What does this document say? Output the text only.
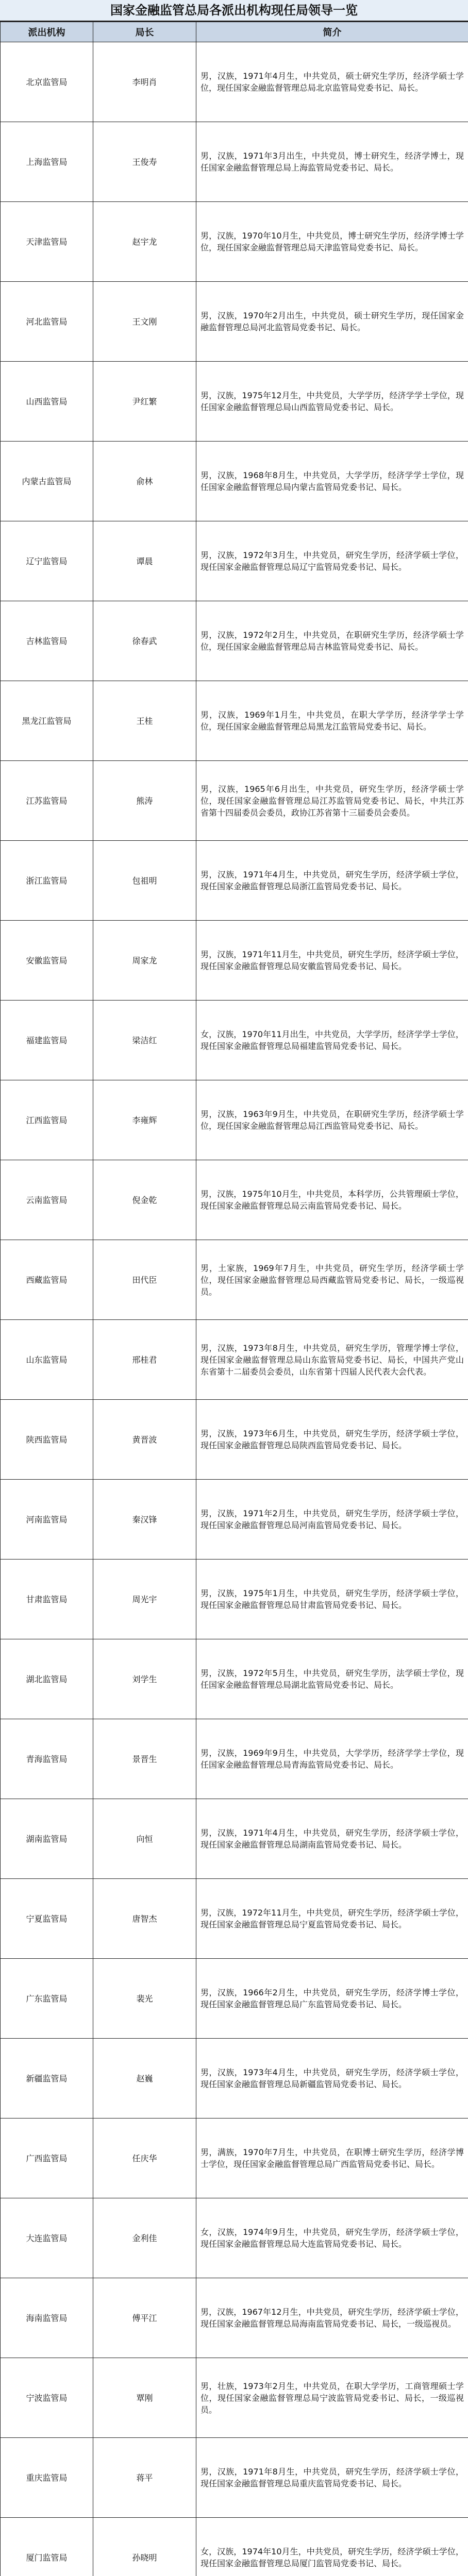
国家金融监管总局各派出机构现任局领导一览
派出机构	局长	简介
北京监管局	李明肖	男，汉族，1971年4月生，中共党员，硕士研究生学历，经济学硕士学位，现任国家金融监督管理总局北京监管局党委书记、局长。
上海监管局	王俊寿	男，汉族，1971年3月出生，中共党员，博士研究生，经济学博士，现任国家金融监督管理总局上海监管局党委书记、局长。
天津监管局	赵宇龙	男，汉族，1970年10月生，中共党员，博士研究生学历，经济学博士学位，现任国家金融监督管理总局天津监管局党委书记、局长。
河北监管局	王文刚	男，汉族，1970年2月出生，中共党员，硕士研究生学历，现任国家金融监督管理总局河北监管局党委书记、局长。
山西监管局	尹红繁	男，汉族，1975年12月生，中共党员，大学学历，经济学学士学位，现任国家金融监督管理总局山西监管局党委书记、局长。
内蒙古监管局	俞林	男，汉族，1968年8月生，中共党员，大学学历，经济学学士学位，现任国家金融监督管理总局内蒙古监管局党委书记、局长。
辽宁监管局	谭晨	男，汉族，1972年3月生，中共党员，研究生学历，经济学硕士学位，现任国家金融监督管理总局辽宁监管局党委书记、局长。
吉林监管局	徐春武	男，汉族，1972年2月生，中共党员，在职研究生学历，经济学硕士学位，现任国家金融监督管理总局吉林监管局党委书记、局长。
黑龙江监管局	王桂	男，汉族，1969年1月生，中共党员，在职大学学历，经济学学士学位，现任国家金融监督管理总局黑龙江监管局党委书记、局长。
江苏监管局	熊涛	男，汉族，1965年6月出生，中共党员，研究生学历，经济学硕士学位，现任国家金融监督管理总局江苏监管局党委书记、局长，中共江苏省第十四届委员会委员，政协江苏省第十三届委员会委员。
浙江监管局	包祖明	男，汉族，1971年4月生，中共党员，研究生学历，经济学硕士学位，现任国家金融监督管理总局浙江监管局党委书记、局长。
安徽监管局	周家龙	男，汉族，1971年11月生，中共党员，研究生学历，经济学硕士学位，现任国家金融监督管理总局安徽监管局党委书记、局长。
福建监管局	梁洁红	女，汉族，1970年11月出生，中共党员，大学学历，经济学学士学位，现任国家金融监督管理总局福建监管局党委书记、局长。
江西监管局	李雍辉	男，汉族，1963年9月生，中共党员，在职研究生学历，经济学硕士学位，现任国家金融监督管理总局江西监管局党委书记、局长。
云南监管局	倪金乾	男，汉族，1975年10月生，中共党员，本科学历，公共管理硕士学位，现任国家金融监督管理总局云南监管局党委书记、局长。
西藏监管局	田代臣	男，土家族，1969年7月生，中共党员，研究生学历，经济学硕士学位，现任国家金融监督管理总局西藏监管局党委书记、局长，一级巡视员。
山东监管局	邢桂君	男，汉族，1973年8月生，中共党员，研究生学历，管理学博士学位，现任国家金融监督管理总局山东监管局党委书记、局长，中国共产党山东省第十二届委员会委员，山东省第十四届人民代表大会代表。
陕西监管局	黄晋波	男，汉族，1973年6月生，中共党员，研究生学历，经济学硕士学位，现任国家金融监督管理总局陕西监管局党委书记、局长。
河南监管局	秦汉锋	男，汉族，1971年2月生，中共党员，研究生学历，经济学硕士学位，现任国家金融监督管理总局河南监管局党委书记、局长。
甘肃监管局	周光宇	男，汉族，1975年1月生，中共党员，研究生学历，经济学硕士学位，现任国家金融监督管理总局甘肃监管局党委书记、局长。
湖北监管局	刘学生	男，汉族，1972年5月生，中共党员，研究生学历，法学硕士学位，现任国家金融监督管理总局湖北监管局党委书记、局长。
青海监管局	景晋生	男，汉族，1969年9月生，中共党员，大学学历，经济学学士学位，现任国家金融监督管理总局青海监管局党委书记、局长。
湖南监管局	向恒	男，汉族，1971年4月生，中共党员，研究生学历，经济学硕士学位，现任国家金融监督管理总局湖南监管局党委书记、局长。
宁夏监管局	唐智杰	男，汉族，1972年11月生，中共党员，研究生学历，经济学硕士学位，现任国家金融监督管理总局宁夏监管局党委书记、局长。
广东监管局	裴光	男，汉族，1966年2月生，中共党员，研究生学历，经济学博士学位，现任国家金融监督管理总局广东监管局党委书记、局长。
新疆监管局	赵巍	男，汉族，1973年4月生，中共党员，研究生学历，经济学硕士学位，现任国家金融监督管理总局新疆监管局党委书记、局长。
广西监管局	任庆华	男，满族，1970年7月生，中共党员，在职博士研究生学历，经济学博士学位，现任国家金融监督管理总局广西监管局党委书记、局长。
大连监管局	金利佳	女，汉族，1974年9月生，中共党员，研究生学历，经济学硕士学位，现任国家金融监督管理总局大连监管局党委书记、局长。
海南监管局	傅平江	男，汉族，1967年12月生，中共党员，研究生学历，经济学硕士学位，现任国家金融监督管理总局海南监管局党委书记、局长，一级巡视员。
宁波监管局	覃刚	男，壮族，1973年2月生，中共党员，在职大学学历，工商管理硕士学位，现任国家金融监督管理总局宁波监管局党委书记、局长，一级巡视员。
重庆监管局	蒋平	男，汉族，1971年8月生，中共党员，研究生学历，经济学硕士学位，现任国家金融监督管理总局重庆监管局党委书记、局长。
厦门监管局	孙晓明	女，汉族，1974年10月生，中共党员，研究生学历，经济学硕士学位，现任国家金融监督管理总局厦门监管局党委书记、局长。
